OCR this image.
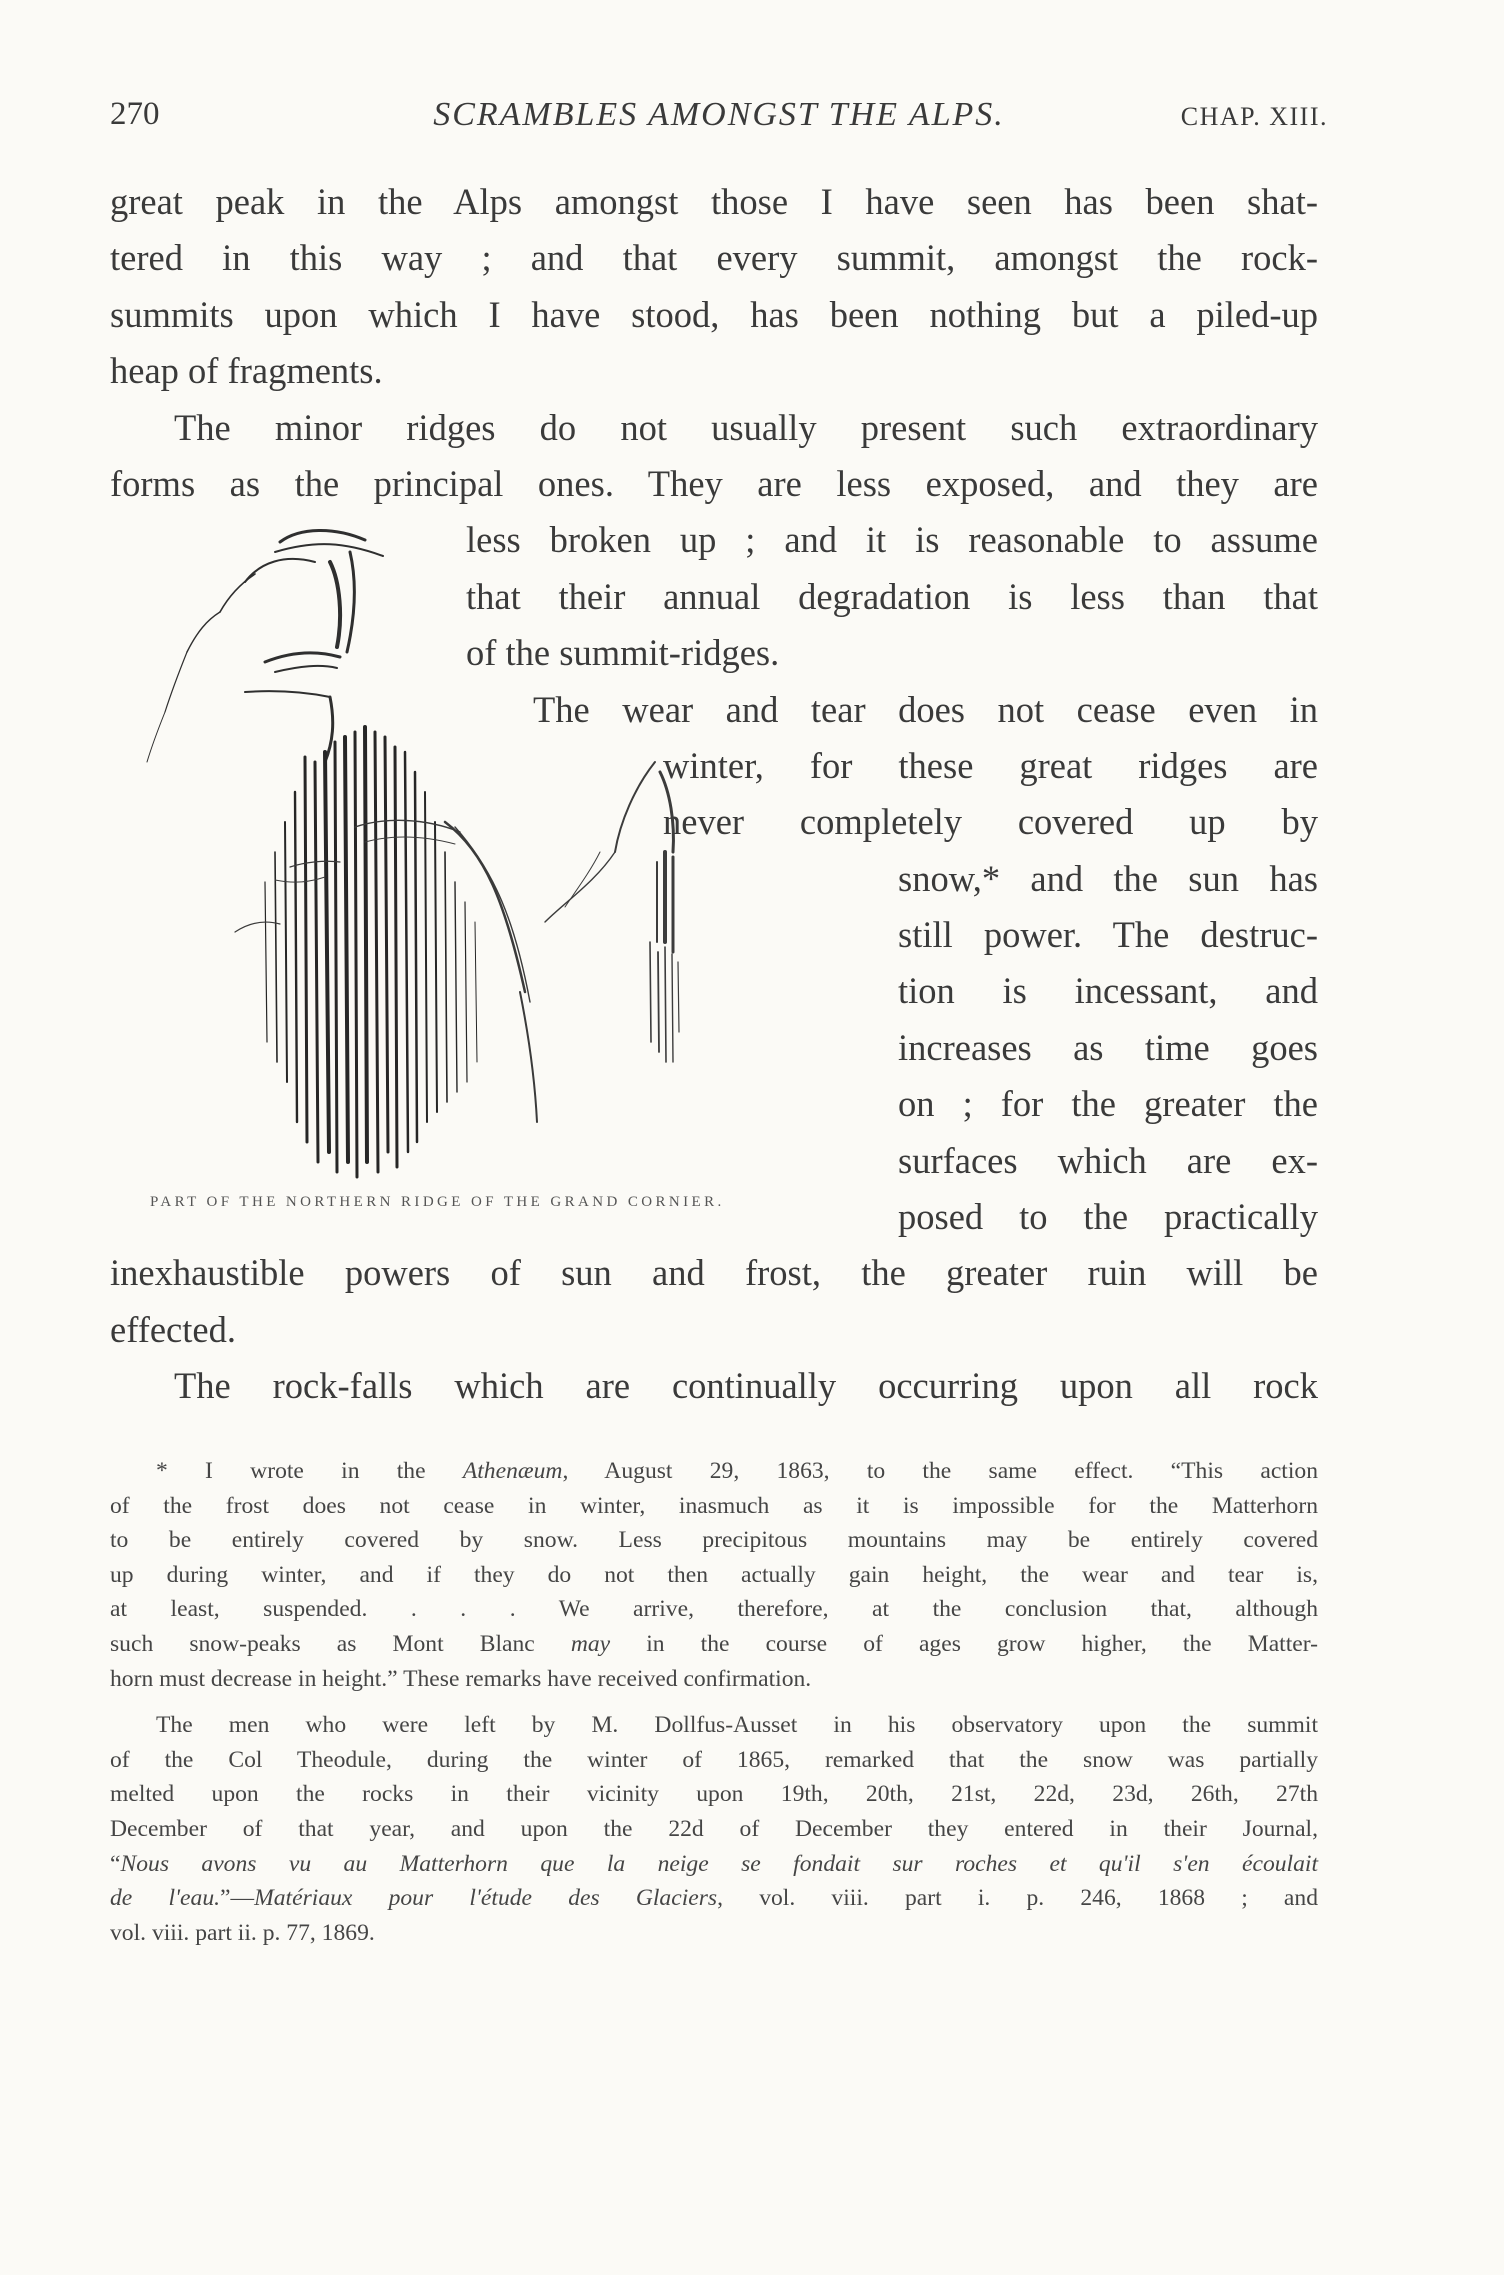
270	SCRAMBLES AMONGST THE ALPS.	CHAP. XIII.
great peak in the Alps amongst those I have seen has been shat-
tered in this way ; and that every summit, amongst the rock-
summits upon which I have stood, has been nothing but a piled-up
heap of fragments.
The minor ridges do not usually present such extraordinary
forms as the principal ones. They are less exposed, and they are
less broken up ; and it is reasonable to assume
that their annual degradation is less than that
of the summit-ridges.
The wear and tear does not cease even in
winter, for these great ridges are
never completely covered up by
snow,* and the sun has
still power. The destruc-
tion is incessant, and
increases as time goes
on ; for the greater the
surfaces which are ex-
posed to the practically
inexhaustible powers of sun and frost, the greater ruin will be
effected.
The rock-falls which are continually occurring upon all rock
PART OF THE NORTHERN RIDGE OF THE GRAND CORNIER.
* I wrote in the Athenæum, August 29, 1863, to the same effect. “This action
of the frost does not cease in winter, inasmuch as it is impossible for the Matterhorn
to be entirely covered by snow. Less precipitous mountains may be entirely covered
up during winter, and if they do not then actually gain height, the wear and tear is,
at least, suspended. . . . We arrive, therefore, at the conclusion that, although
such snow-peaks as Mont Blanc may in the course of ages grow higher, the Matter-
horn must decrease in height.” These remarks have received confirmation.
The men who were left by M. Dollfus-Ausset in his observatory upon the summit
of the Col Theodule, during the winter of 1865, remarked that the snow was partially
melted upon the rocks in their vicinity upon 19th, 20th, 21st, 22d, 23d, 26th, 27th
December of that year, and upon the 22d of December they entered in their Journal,
“Nous avons vu au Matterhorn que la neige se fondait sur roches et qu'il s'en écoulait
de l'eau.”—Matériaux pour l'étude des Glaciers, vol. viii. part i. p. 246, 1868 ; and
vol. viii. part ii. p. 77, 1869.
